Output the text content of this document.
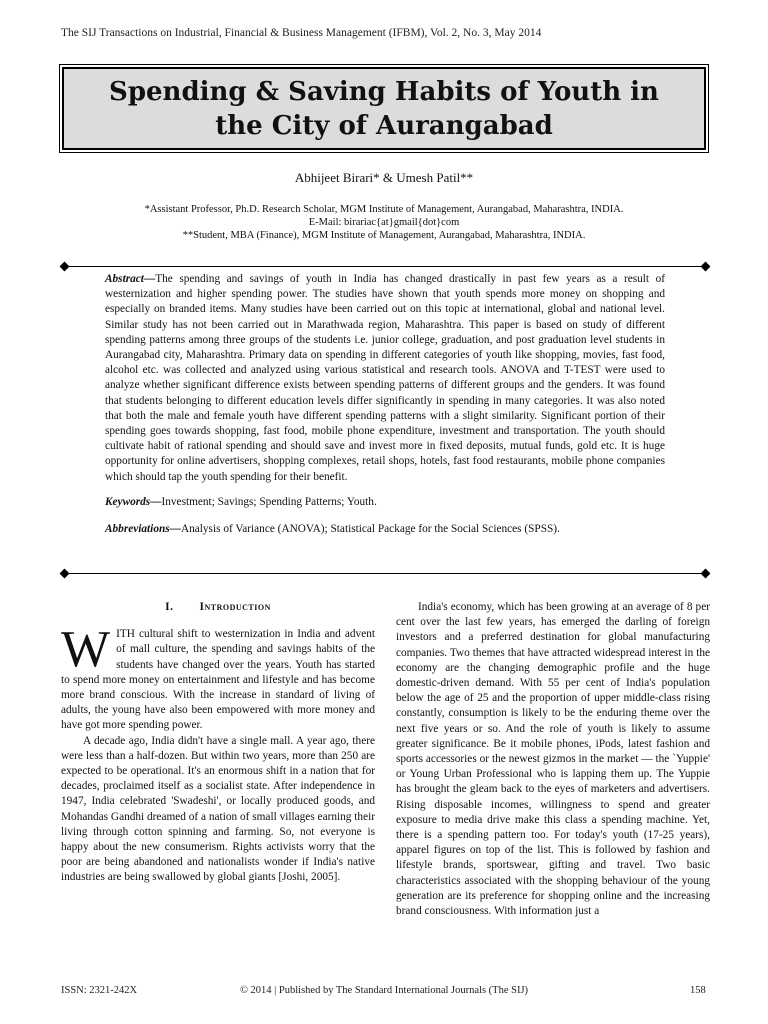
The SIJ Transactions on Industrial, Financial & Business Management (IFBM), Vol. 2, No. 3, May 2014
Spending & Saving Habits of Youth in
the City of Aurangabad
Abhijeet Birari* & Umesh Patil**
*Assistant Professor, Ph.D. Research Scholar, MGM Institute of Management, Aurangabad, Maharashtra, INDIA.
E-Mail: birariac{at}gmail{dot}com
**Student, MBA (Finance), MGM Institute of Management, Aurangabad, Maharashtra, INDIA.

Abstract—The spending and savings of youth in India has changed drastically in past few years as a result of westernization and higher spending power. The studies have shown that youth spends more money on shopping and especially on branded items. Many studies have been carried out on this topic at international, global and national level. Similar study has not been carried out in Marathwada region, Maharashtra. This paper is based on study of different spending patterns among three groups of the students i.e. junior college, graduation, and post graduation level students in Aurangabad city, Maharashtra. Primary data on spending in different categories of youth like shopping, movies, fast food, alcohol etc. was collected and analyzed using various statistical and research tools. ANOVA and T-TEST were used to analyze whether significant difference exists between spending patterns of different groups and the genders. It was found that students belonging to different education levels differ significantly in spending in many categories. It was also noted that both the male and female youth have different spending patterns with a slight similarity. Significant portion of their spending goes towards shopping, fast food, mobile phone expenditure, investment and transportation. The youth should cultivate habit of rational spending and should save and invest more in fixed deposits, mutual funds, gold etc. It is huge opportunity for online advertisers, shopping complexes, retail shops, hotels, fast food restaurants, mobile phone companies which should tap the youth spending for their benefit.

Keywords—Investment; Savings; Spending Patterns; Youth.

Abbreviations—Analysis of Variance (ANOVA); Statistical Package for the Social Sciences (SPSS).

I. Introduction

WITH cultural shift to westernization in India and advent of mall culture, the spending and savings habits of the students have changed over the years. Youth has started to spend more money on entertainment and lifestyle and has become more brand conscious. With the increase in standard of living of adults, the young have also been empowered with more money and have got more spending power.

A decade ago, India didn't have a single mall. A year ago, there were less than a half-dozen. But within two years, more than 250 are expected to be operational. It's an enormous shift in a nation that for decades, proclaimed itself as a socialist state. After independence in 1947, India celebrated 'Swadeshi', or locally produced goods, and Mohandas Gandhi dreamed of a nation of small villages earning their living through cotton spinning and farming. So, not everyone is happy about the new consumerism. Rights activists worry that the poor are being abandoned and nationalists wonder if India's native industries are being swallowed by global giants [Joshi, 2005].

India's economy, which has been growing at an average of 8 per cent over the last few years, has emerged the darling of foreign investors and a preferred destination for global manufacturing companies. Two themes that have attracted widespread interest in the economy are the changing demographic profile and the huge domestic-driven demand. With 55 per cent of India's population below the age of 25 and the proportion of upper middle-class rising constantly, consumption is likely to be the enduring theme over the next five years or so. And the role of youth is likely to assume greater significance. Be it mobile phones, iPods, latest fashion and sports accessories or the newest gizmos in the market — the `Yuppie' or Young Urban Professional who is lapping them up. The Yuppie has brought the gleam back to the eyes of marketers and advertisers. Rising disposable incomes, willingness to spend and greater exposure to media drive make this class a spending machine. Yet, there is a spending pattern too. For today's youth (17-25 years), apparel figures on top of the list. This is followed by fashion and lifestyle brands, sportswear, gifting and travel. Two basic characteristics associated with the shopping behaviour of the young generation are its preference for shopping online and the increasing brand consciousness. With information just a

ISSN: 2321-242X	© 2014 | Published by The Standard International Journals (The SIJ)	158
